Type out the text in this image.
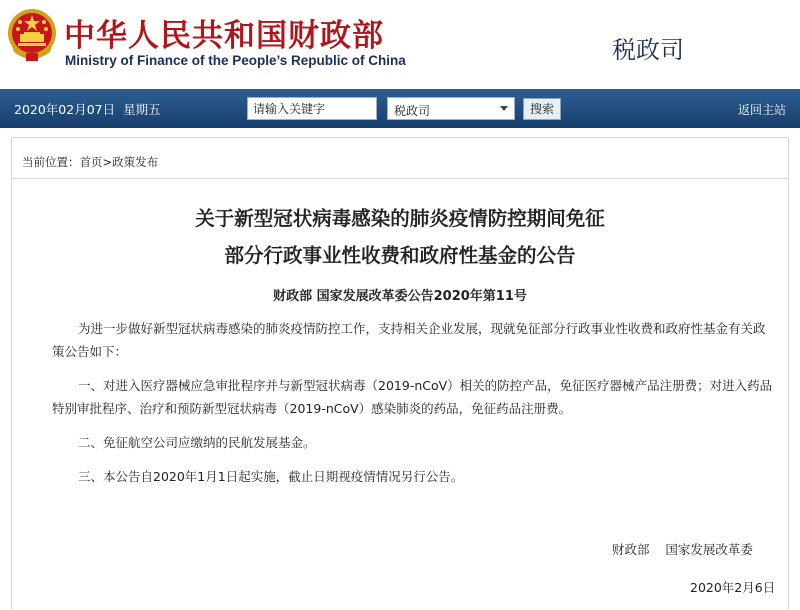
中华人民共和国财政部
Ministry of Finance of the People’s Republic of China	税政司
2020年02月07日 星期五
请输入关键字	税政司	搜索	返回主站
当前位置：首页>政策发布
关于新型冠状病毒感染的肺炎疫情防控期间免征
部分行政事业性收费和政府性基金的公告
财政部 国家发展改革委公告2020年第11号

为进一步做好新型冠状病毒感染的肺炎疫情防控工作，支持相关企业发展，现就免征部分行政事业性收费和政府性基金有关政策公告如下：

一、对进入医疗器械应急审批程序并与新型冠状病毒（2019-nCoV）相关的防控产品，免征医疗器械产品注册费；对进入药品特别审批程序、治疗和预防新型冠状病毒（2019-nCoV）感染肺炎的药品，免征药品注册费。

二、免征航空公司应缴纳的民航发展基金。

三、本公告自2020年1月1日起实施，截止日期视疫情情况另行公告。

财政部    国家发展改革委
2020年2月6日
